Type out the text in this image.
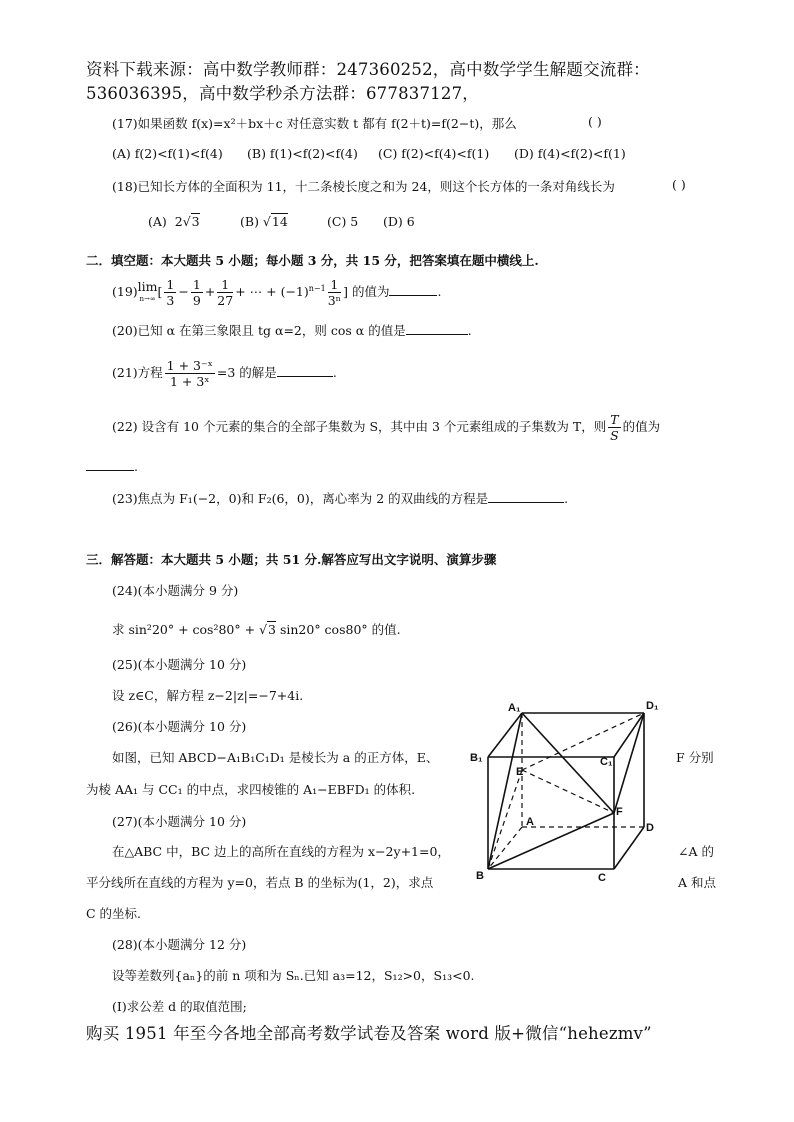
资料下载来源：高中数学教师群：247360252，高中数学学生解题交流群：
536036395，高中数学秒杀方法群：677837127，
(17)如果函数 f(x)=x²＋bx＋c 对任意实数 t 都有 f(2＋t)=f(2−t)，那么	( )
(A) f(2)<f(1)<f(4) (B) f(1)<f(2)<f(4) (C) f(2)<f(4)<f(1) (D) f(4)<f(2)<f(1)
(18)已知长方体的全面积为 11，十二条棱长度之和为 24，则这个长方体的一条对角线长为	( )
(A) 2√3	(B) √14	(C) 5 (D) 6
二．填空题：本大题共 5 小题；每小题 3 分，共 15 分，把答案填在题中横线上.
(19) lim
n→∞ [ $\frac{1}{3} - \frac{1}{9} + \frac{1}{27}$ + ⋯ + $(-1)^{n-1} \frac{1}{\text{3ⁿ}}$ ] 的值为	.
(20)已知 α 在第三象限且 tg α=2，则 cos α 的值是	.
(21)方程 $\frac{\text{1 + 3⁻ˣ}}{\text{1 + 3ˣ}} =3$ 的解是	.
(22) 设含有 10 个元素的集合的全部子集数为 S，其中由 3 个元素组成的子集数为 T，则 $\frac{T}{S}$ 的值为
.
(23)焦点为 F₁(−2，0)和 F₂(6，0)，离心率为 2 的双曲线的方程是	.
三．解答题：本大题共 5 小题；共 51 分.解答应写出文字说明、演算步骤
(24)(本小题满分 9 分)
求 sin²20° + cos²80° + √3 sin20° cos80° 的值.
(25)(本小题满分 10 分)
设 z∈C，解方程 z−2|z|=−7+4i.
(26)(本小题满分 10 分)
如图，已知 ABCD−A₁B₁C₁D₁ 是棱长为 a 的正方体，E、	F 分别
为棱 AA₁ 与 CC₁ 的中点，求四棱锥的 A₁−EBFD₁ 的体积.
(27)(本小题满分 10 分)
在△ABC 中，BC 边上的高所在直线的方程为 x−2y+1=0，	∠A 的
平分线所在直线的方程为 y=0，若点 B 的坐标为(1，2)，求点	A 和点
C 的坐标.
(28)(本小题满分 12 分)
设等差数列{aₙ}的前 n 项和为 Sₙ.已知 a₃=12，S₁₂>0，S₁₃<0.
(Ⅰ)求公差 d 的取值范围;
A₁	D₁
B₁	C₁
E
A
F
D
B	C
购买 1951 年至今各地全部高考数学试卷及答案 word 版+微信“hehezmv”
